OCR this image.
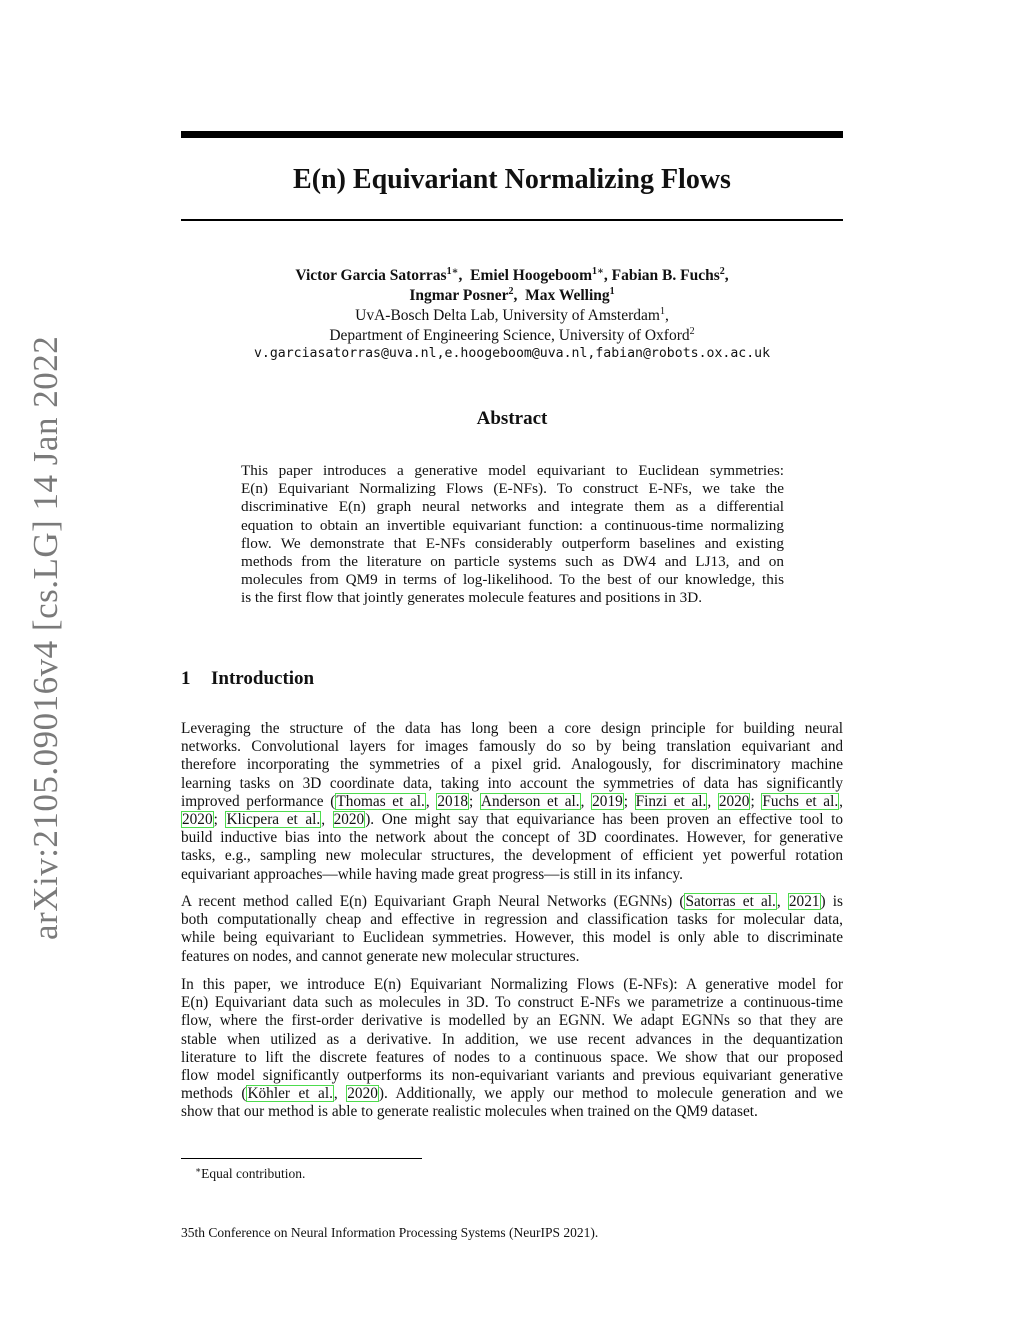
arXiv:2105.09016v4 [cs.LG] 14 Jan 2022
E(n) Equivariant Normalizing Flows
Victor Garcia Satorras$^{1∗}$,  Emiel Hoogeboom$^{1∗}$, Fabian B. Fuchs$^2$,
Ingmar Posner$^2$,  Max Welling$^1$
UvA-Bosch Delta Lab, University of Amsterdam$^1$,
Department of Engineering Science, University of Oxford$^2$
v.garciasatorras@uva.nl,e.hoogeboom@uva.nl,fabian@robots.ox.ac.uk
Abstract
This paper introduces a generative model equivariant to Euclidean symmetries:
E(n) Equivariant Normalizing Flows (E-NFs). To construct E-NFs, we take the
discriminative E(n) graph neural networks and integrate them as a differential
equation to obtain an invertible equivariant function: a continuous-time normalizing
flow. We demonstrate that E-NFs considerably outperform baselines and existing
methods from the literature on particle systems such as DW4 and LJ13, and on
molecules from QM9 in terms of log-likelihood. To the best of our knowledge, this
is the first flow that jointly generates molecule features and positions in 3D.
1 Introduction
Leveraging the structure of the data has long been a core design principle for building neural
networks. Convolutional layers for images famously do so by being translation equivariant and
therefore incorporating the symmetries of a pixel grid. Analogously, for discriminatory machine
learning tasks on 3D coordinate data, taking into account the symmetries of data has significantly
improved performance (Thomas et al., 2018; Anderson et al., 2019; Finzi et al., 2020; Fuchs et al.,
2020; Klicpera et al., 2020). One might say that equivariance has been proven an effective tool to
build inductive bias into the network about the concept of 3D coordinates. However, for generative
tasks, e.g., sampling new molecular structures, the development of efficient yet powerful rotation
equivariant approaches—while having made great progress—is still in its infancy.
A recent method called E(n) Equivariant Graph Neural Networks (EGNNs) (Satorras et al., 2021) is
both computationally cheap and effective in regression and classification tasks for molecular data,
while being equivariant to Euclidean symmetries. However, this model is only able to discriminate
features on nodes, and cannot generate new molecular structures.
In this paper, we introduce E(n) Equivariant Normalizing Flows (E-NFs): A generative model for
E(n) Equivariant data such as molecules in 3D. To construct E-NFs we parametrize a continuous-time
flow, where the first-order derivative is modelled by an EGNN. We adapt EGNNs so that they are
stable when utilized as a derivative. In addition, we use recent advances in the dequantization
literature to lift the discrete features of nodes to a continuous space. We show that our proposed
flow model significantly outperforms its non-equivariant variants and previous equivariant generative
methods (Köhler et al., 2020). Additionally, we apply our method to molecule generation and we
show that our method is able to generate realistic molecules when trained on the QM9 dataset.
∗Equal contribution.
35th Conference on Neural Information Processing Systems (NeurIPS 2021).
